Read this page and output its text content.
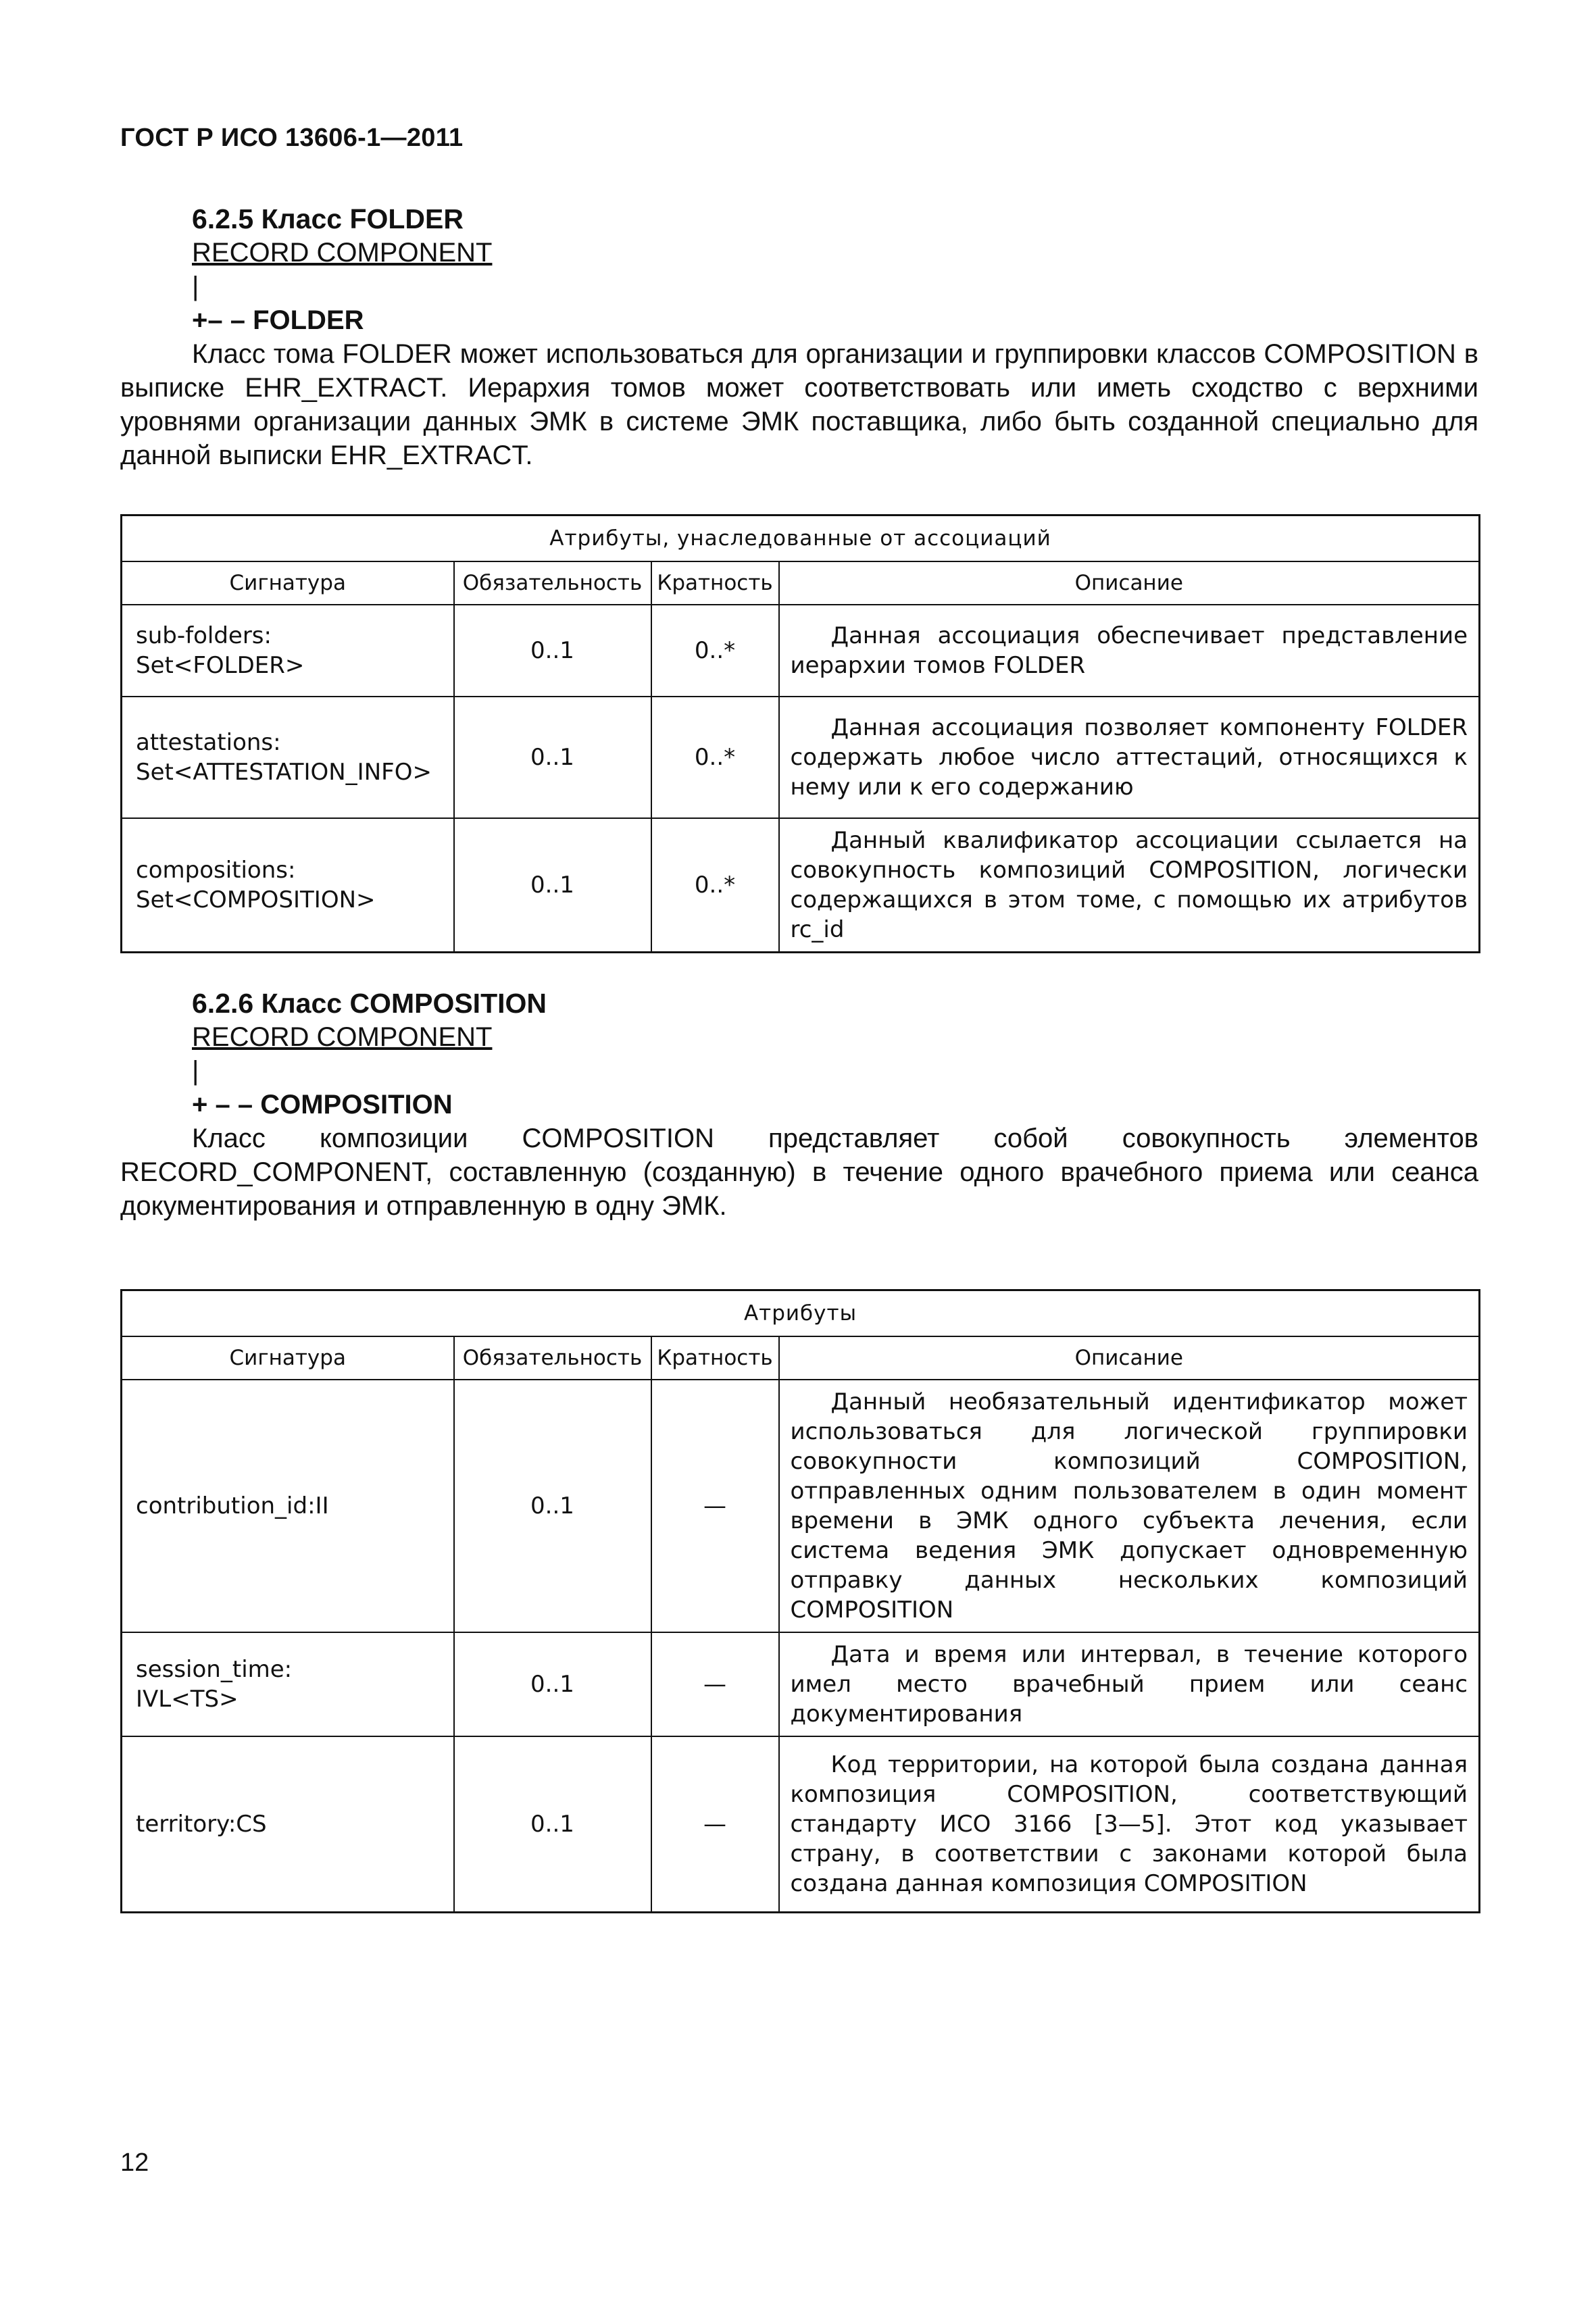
ГОСТ Р ИСО 13606-1—2011
6.2.5 Класс FOLDER
RECORD COMPONENT
|
+– – FOLDER

Класс тома FOLDER может использоваться для организации и группировки классов COMPOSITION в выписке EHR_EXTRACT. Иерархия томов может соответствовать или иметь сходство с верхними уровнями организации данных ЭМК в системе ЭМК поставщика, либо быть созданной специально для данной выписки EHR_EXTRACT.

Атрибуты, унаследованные от ассоциаций			
Сигнатура	Обязательность	Кратность	Описание
sub-folders:
Set<FOLDER>	0..1	0..*	Данная ассоциация обеспечивает представление иерархии томов FOLDER

attestations:
Set<ATTESTATION_INFO>	0..1	0..*	Данная ассоциация позволяет компоненту FOLDER содержать любое число аттестаций, относящихся к нему или к его содержанию

compositions:
Set<COMPOSITION>	0..1	0..*	Данный квалификатор ассоциации ссылается на совокупность композиций COMPOSITION, логически содержащихся в этом томе, с помощью их атрибутов rc_id
6.2.6 Класс COMPOSITION
RECORD COMPONENT
|
+ – – COMPOSITION

Класс композиции COMPOSITION представляет собой совокупность элементов RECORD_COMPONENT, составленную (созданную) в течение одного врачебного приема или сеанса документирования и отправленную в одну ЭМК.

Атрибуты			
Сигнатура	Обязательность	Кратность	Описание
contribution_id:II	0..1	—	Данный необязательный идентификатор может использоваться для логической группировки совокупности композиций COMPOSITION, отправленных одним пользователем в один момент времени в ЭМК одного субъекта лечения, если система ведения ЭМК допускает одновременную отправку данных нескольких композиций COMPOSITION

session_time:
IVL<TS>	0..1	—	Дата и время или интервал, в течение которого имел место врачебный прием или сеанс документирования

territory:CS	0..1	—	Код территории, на которой была создана данная композиция COMPOSITION, соответствующий стандарту ИСО 3166 [3—5]. Этот код указывает страну, в соответствии с законами которой была создана данная композиция COMPOSITION
12
